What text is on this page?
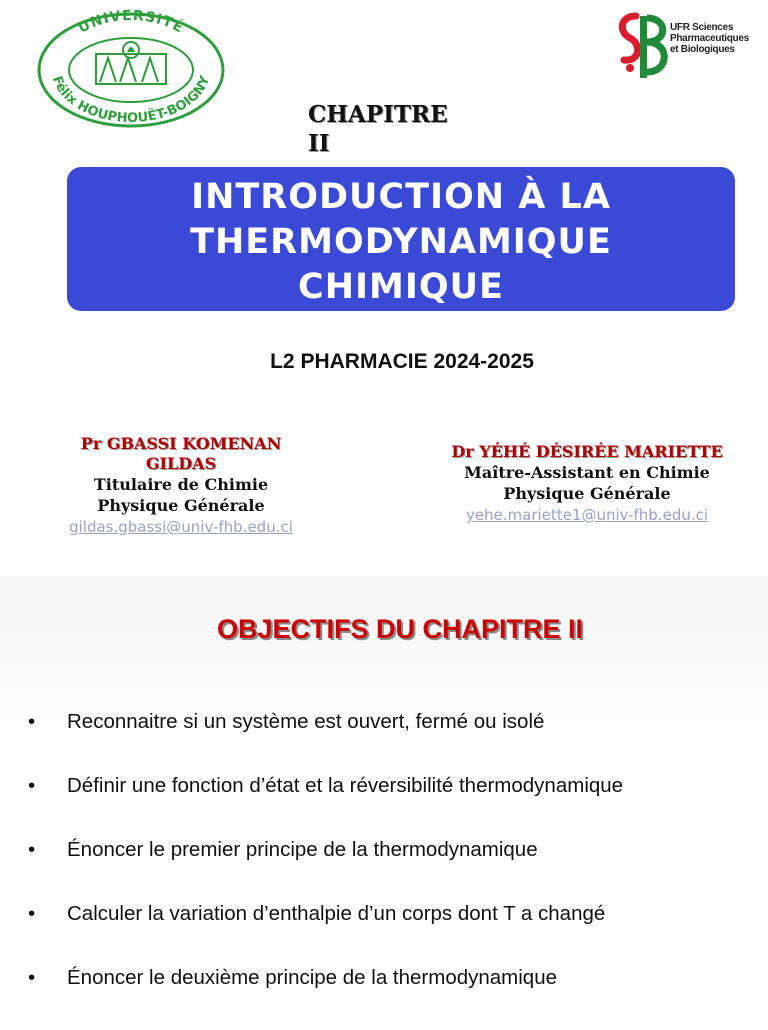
UNIVERSITÉ
Félix HOUPHOUËT-BOIGNY
UFR Sciences
Pharmaceutiques
et Biologiques
CHAPITRE
II
INTRODUCTION À LA
THERMODYNAMIQUE
CHIMIQUE
L2 PHARMACIE 2024-2025
Pr GBASSI KOMENAN
GILDAS
Titulaire de Chimie
Physique Générale
gildas.gbassi@univ-fhb.edu.ci
Dr YÉHÉ DÉSIRÉE MARIETTE
Maître-Assistant en Chimie
Physique Générale
yehe.mariette1@univ-fhb.edu.ci
OBJECTIFS DU CHAPITRE II
• Reconnaitre si un système est ouvert, fermé ou isolé
• Définir une fonction d’état et la réversibilité thermodynamique
• Énoncer le premier principe de la thermodynamique
• Calculer la variation d’enthalpie d’un corps dont T a changé
• Énoncer le deuxième principe de la thermodynamique
